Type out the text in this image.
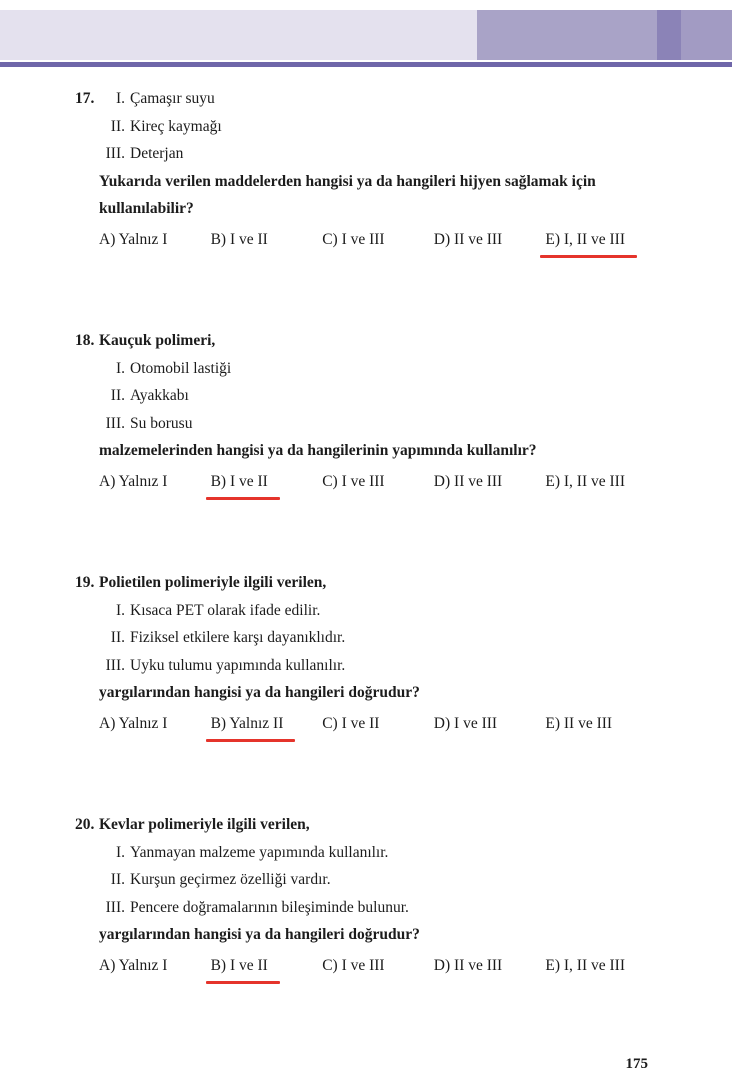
17.	I. Çamaşır suyu
II. Kireç kaymağı
III. Deterjan
Yukarıda verilen maddelerden hangisi ya da hangileri hijyen sağlamak için kullanılabilir?
A) Yalnız I	B) I ve II	C) I ve III	D) II ve III	E) I, II ve III
18. Kauçuk polimeri,
I. Otomobil lastiği
II. Ayakkabı
III. Su borusu
malzemelerinden hangisi ya da hangilerinin yapımında kullanılır?
A) Yalnız I	B) I ve II	C) I ve III	D) II ve III	E) I, II ve III
19. Polietilen polimeriyle ilgili verilen,
I. Kısaca PET olarak ifade edilir.
II. Fiziksel etkilere karşı dayanıklıdır.
III. Uyku tulumu yapımında kullanılır.
yargılarından hangisi ya da hangileri doğrudur?
A) Yalnız I	B) Yalnız II	C) I ve II	D) I ve III	E) II ve III
20. Kevlar polimeriyle ilgili verilen,
I. Yanmayan malzeme yapımında kullanılır.
II. Kurşun geçirmez özelliği vardır.
III. Pencere doğramalarının bileşiminde bulunur.
yargılarından hangisi ya da hangileri doğrudur?
A) Yalnız I	B) I ve II	C) I ve III	D) II ve III	E) I, II ve III
175
